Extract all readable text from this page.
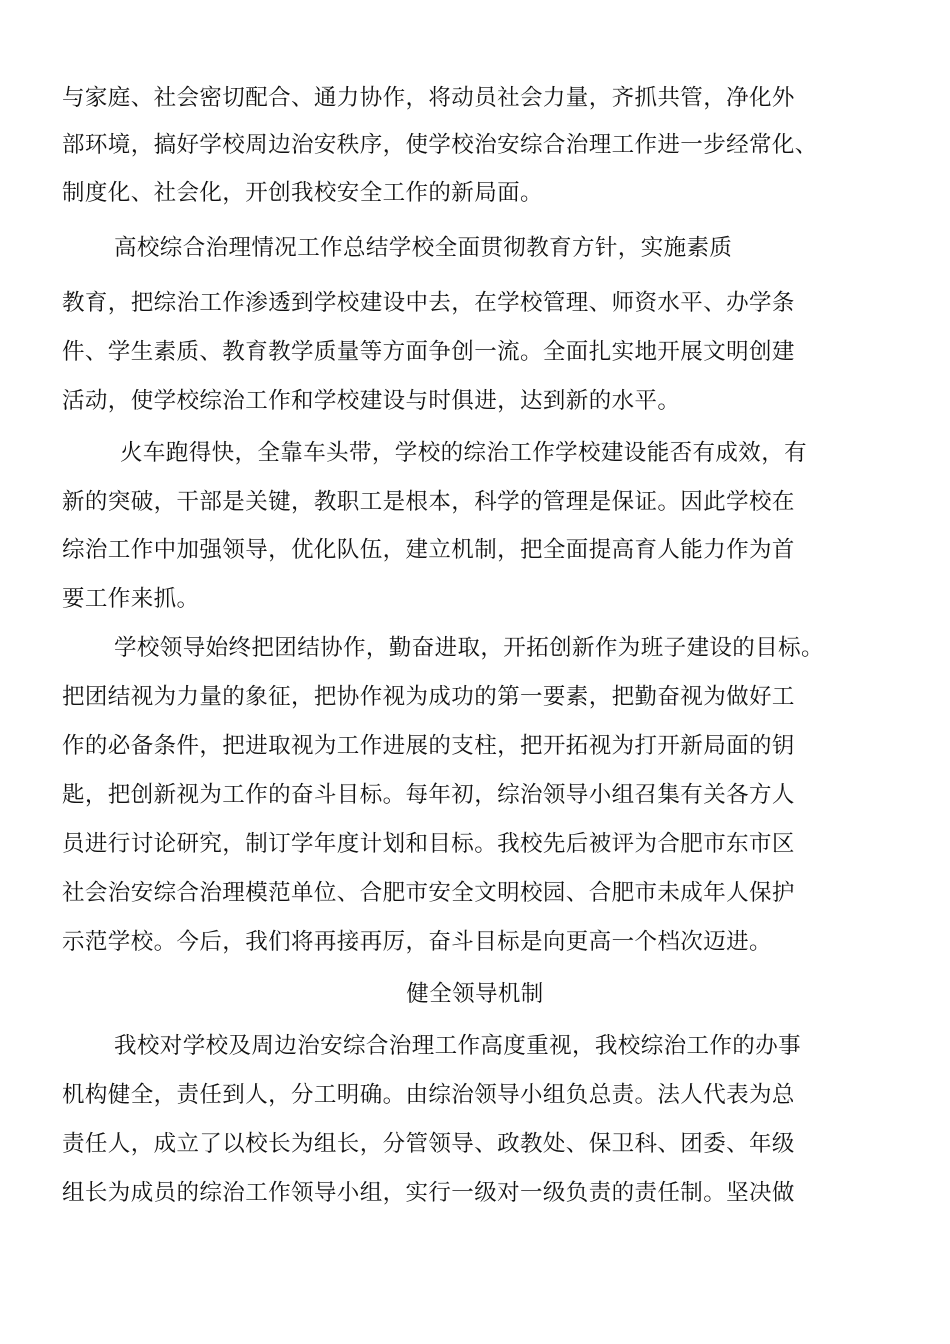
与家庭、社会密切配合、通力协作，将动员社会力量，齐抓共管，净化外
部环境，搞好学校周边治安秩序，使学校治安综合治理工作进一步经常化、
制度化、社会化，开创我校安全工作的新局面。
高校综合治理情况工作总结学校全面贯彻教育方针，实施素质
教育，把综治工作渗透到学校建设中去，在学校管理、师资水平、办学条
件、学生素质、教育教学质量等方面争创一流。全面扎实地开展文明创建
活动，使学校综治工作和学校建设与时俱进，达到新的水平。
火车跑得快，全靠车头带，学校的综治工作学校建设能否有成效，有
新的突破，干部是关键，教职工是根本，科学的管理是保证。因此学校在
综治工作中加强领导，优化队伍，建立机制，把全面提高育人能力作为首
要工作来抓。
学校领导始终把团结协作，勤奋进取，开拓创新作为班子建设的目标。
把团结视为力量的象征，把协作视为成功的第一要素，把勤奋视为做好工
作的必备条件，把进取视为工作进展的支柱，把开拓视为打开新局面的钥
匙，把创新视为工作的奋斗目标。每年初，综治领导小组召集有关各方人
员进行讨论研究，制订学年度计划和目标。我校先后被评为合肥市东市区
社会治安综合治理模范单位、合肥市安全文明校园、合肥市未成年人保护
示范学校。今后，我们将再接再厉，奋斗目标是向更高一个档次迈进。
健全领导机制
我校对学校及周边治安综合治理工作高度重视，我校综治工作的办事
机构健全，责任到人，分工明确。由综治领导小组负总责。法人代表为总
责任人，成立了以校长为组长，分管领导、政教处、保卫科、团委、年级
组长为成员的综治工作领导小组，实行一级对一级负责的责任制。坚决做
